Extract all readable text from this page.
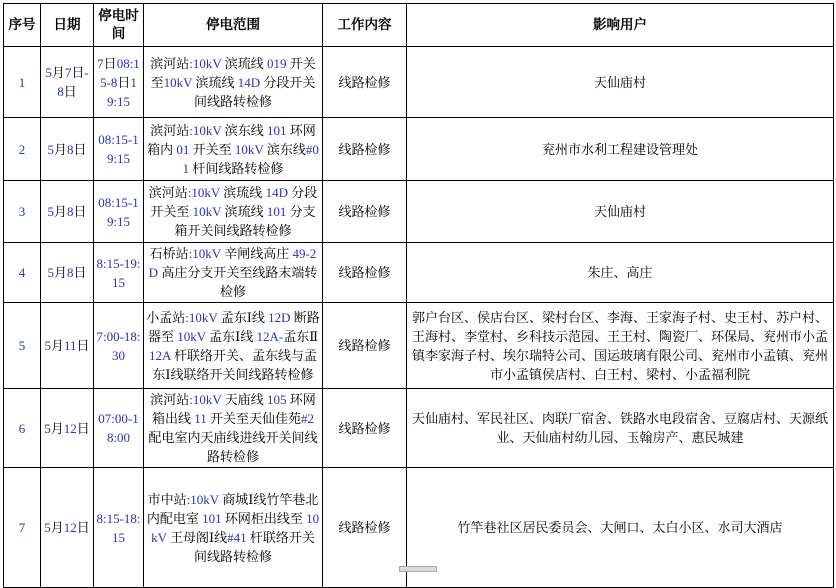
序号	日期	停电时间	停电范围	工作内容	影响用户
1	5月7日-8日	7日08:15-8日19:15	滨河站:10kV 滨琉线 019 开关至10kV 滨琉线 14D 分段开关间线路转检修	线路检修	天仙庙村
2	5月8日	08:15-19:15	滨河站:10kV 滨东线 101 环网箱内 01 开关至 10kV 滨东线#01 杆间线路转检修	线路检修	兖州市水利工程建设管理处
3	5月8日	08:15-19:15	滨河站:10kV 滨琉线 14D 分段开关至 10kV 滨琉线 101 分支箱开关间线路转检修	线路检修	天仙庙村
4	5月8日	8:15-19:15	石桥站:10kV 辛闸线高庄 49-2D 高庄分支开关至线路末端转检修	线路检修	朱庄、高庄
5	5月11日	7:00-18:30	小孟站:10kV 孟东Ⅰ线 12D 断路器至 10kV 孟东Ⅰ线 12A-孟东Ⅱ12A 杆联络开关、孟东线与孟东Ⅰ线联络开关间线路转检修	线路检修	郭户台区、侯店台区、梁村台区、李海、王家海子村、史王村、苏户村、王海村、李堂村、乡科技示范园、王王村、陶瓷厂、环保局、兖州市小孟镇李家海子村、埃尔瑞特公司、国运玻璃有限公司、兖州市小孟镇、兖州市小孟镇侯店村、白王村、梁村、小孟福利院
6	5月12日	07:00-18:00	滨河站:10kV 天庙线 105 环网箱出线 11 开关至天仙佳苑#2 配电室内天庙线进线开关间线路转检修	线路检修	天仙庙村、军民社区、肉联厂宿舍、铁路水电段宿舍、豆腐店村、天源纸业、天仙庙村幼儿园、玉翰房产、惠民城建
7	5月12日	8:15-18:15	市中站:10kV 商城Ⅰ线竹竿巷北内配电室 101 环网柜出线至 10kV 王母阁Ⅰ线#41 杆联络开关间线路转检修	线路检修	竹竿巷社区居民委员会、大闸口、太白小区、水司大酒店
